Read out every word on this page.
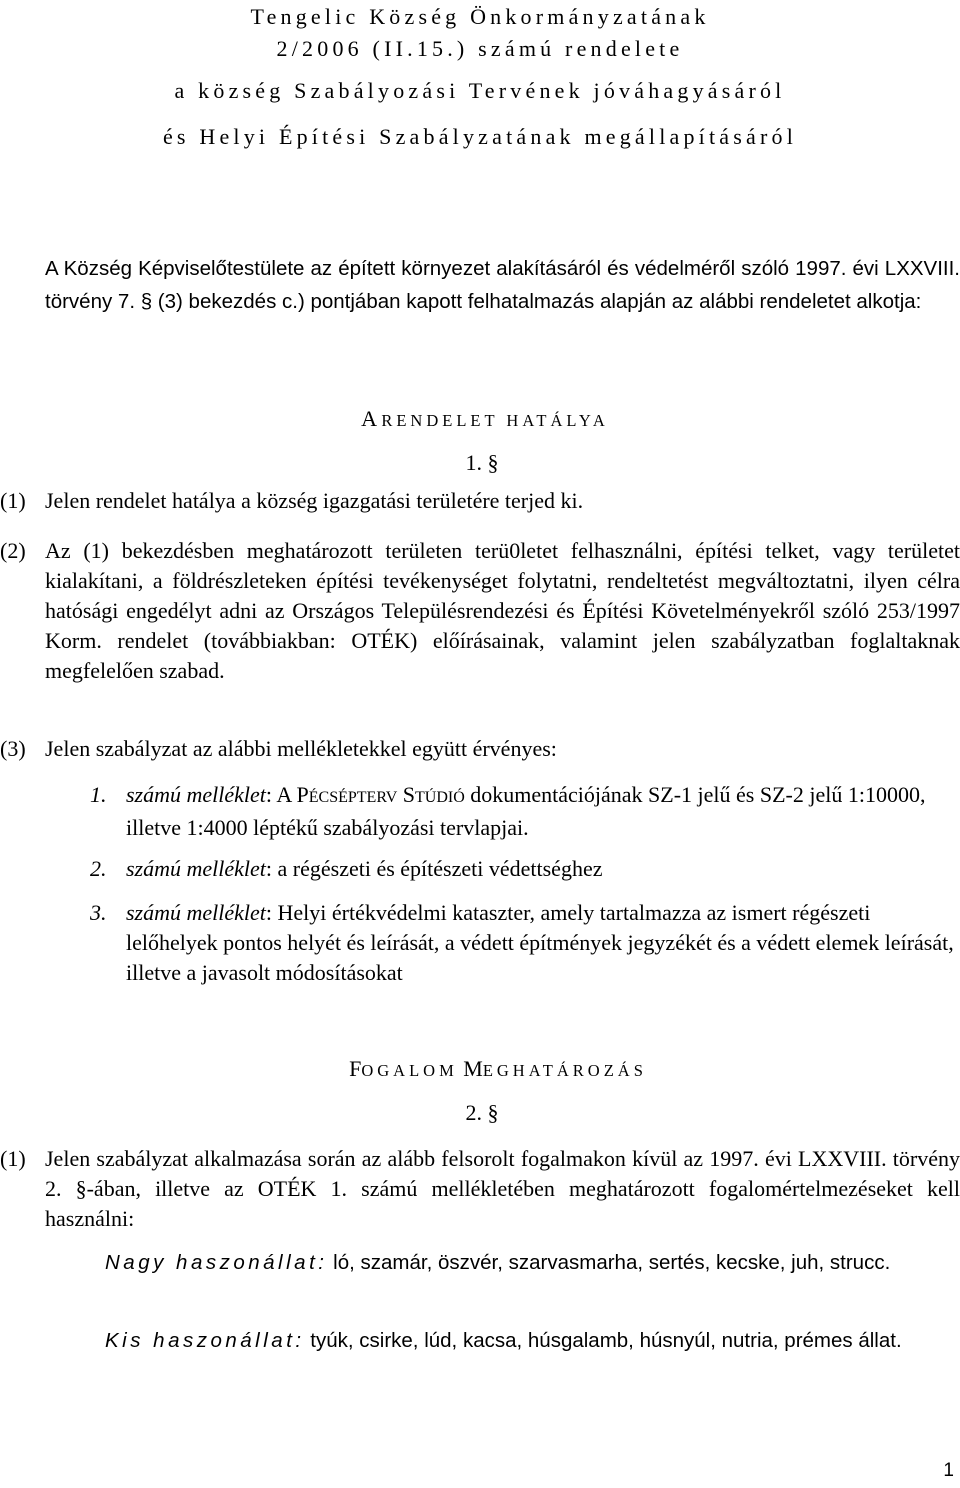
Tengelic Község Önkormányzatának
2/2006 (II.15.) számú rendelete
a község Szabályozási Tervének jóváhagyásáról
és Helyi Építési Szabályzatának megállapításáról
A Község Képviselőtestülete az épített környezet alakításáról és védelméről szóló 1997. évi LXXVIII. törvény 7. § (3) bekezdés c.) pontjában kapott felhatalmazás alapján az alábbi rendeletet alkotja:
A RENDELET HATÁLYA
1. §
(1) Jelen rendelet hatálya a község igazgatási területére terjed ki.
(2) Az (1) bekezdésben meghatározott területen terü0letet felhasználni, építési telket, vagy területet kialakítani, a földrészleteken építési tevékenységet folytatni, rendeltetést megváltoztatni, ilyen célra hatósági engedélyt adni az Országos Településrendezési és Építési Követelményekről szóló 253/1997 Korm. rendelet (továbbiakban: OTÉK) előírásainak, valamint jelen szabályzatban foglaltaknak megfelelően szabad.
(3) Jelen szabályzat az alábbi mellékletekkel együtt érvényes:
1. számú melléklet: A PÉCSÉPTERV STÚDIÓ dokumentációjának SZ-1 jelű és SZ-2 jelű 1:10000, illetve 1:4000 léptékű szabályozási tervlapjai.
2. számú melléklet: a régészeti és építészeti védettséghez
3. számú melléklet: Helyi értékvédelmi kataszter, amely tartalmazza az ismert régészeti lelőhelyek pontos helyét és leírását, a védett építmények jegyzékét és a védett elemek leírását, illetve a javasolt módosításokat
FOGALOM MEGHATÁROZÁS
2. §
(1) Jelen szabályzat alkalmazása során az alább felsorolt fogalmakon kívül az 1997. évi LXXVIII. törvény 2. §-ában, illetve az OTÉK 1. számú mellékletében meghatározott fogalomértelmezéseket kell használni:
Nagy haszonállat: ló, szamár, öszvér, szarvasmarha, sertés, kecske, juh, strucc.
Kis haszonállat: tyúk, csirke, lúd, kacsa, húsgalamb, húsnyúl, nutria, prémes állat.
1
